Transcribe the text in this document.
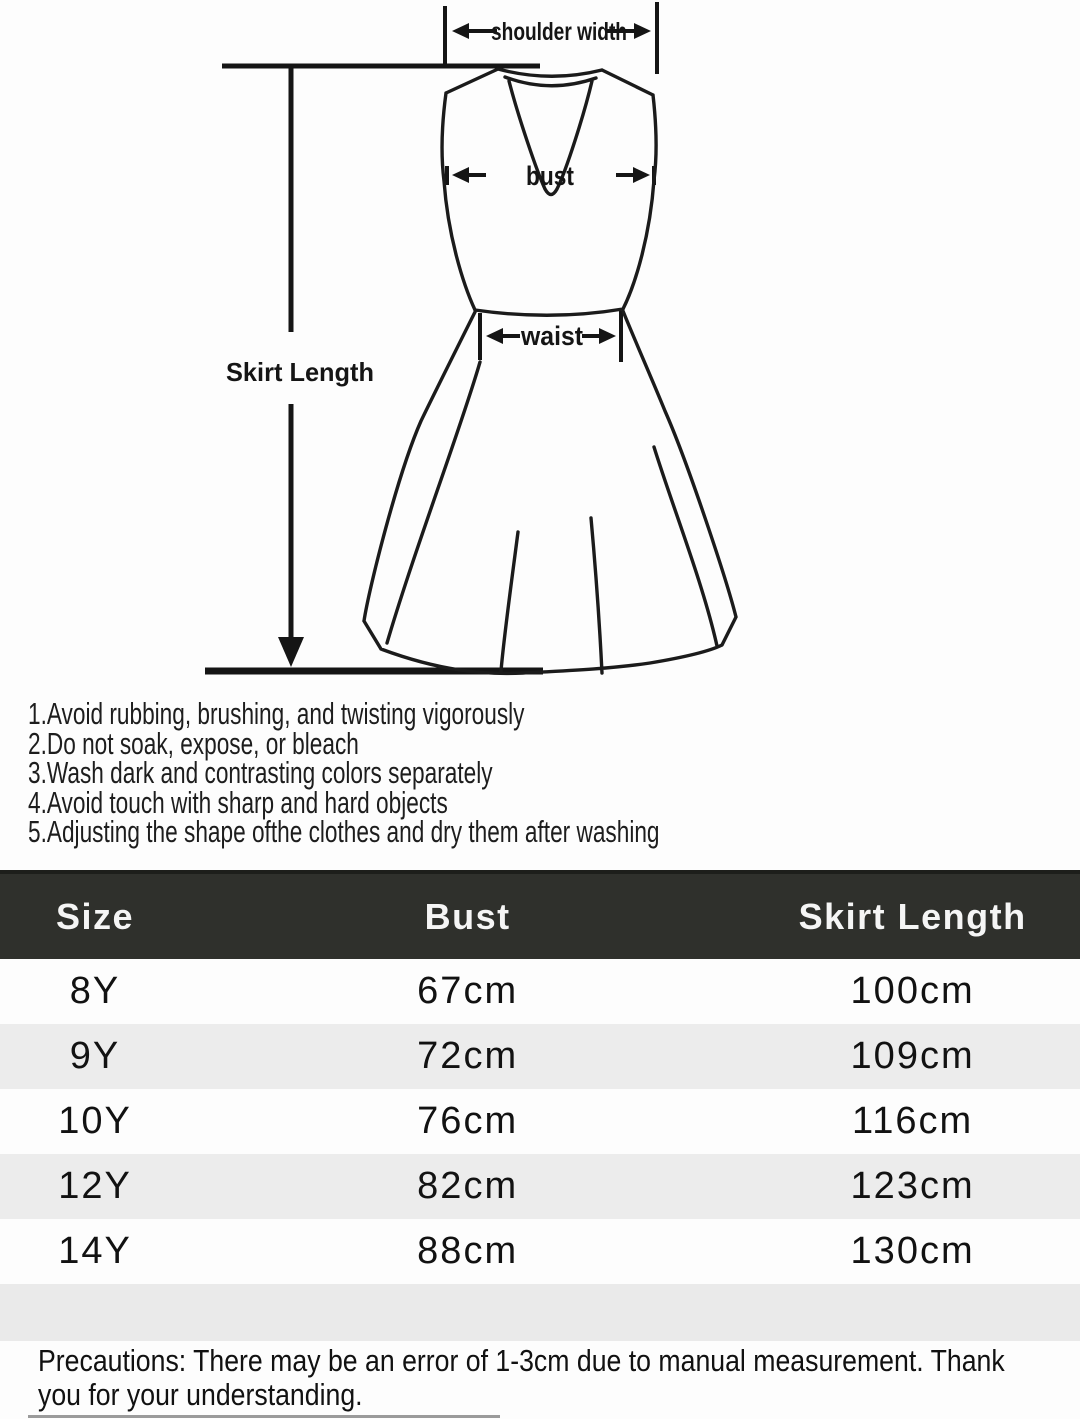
shoulder width
bust
waist
Skirt Length
1.Avoid rubbing, brushing, and twisting vigorously
2.Do not soak, expose, or bleach
3.Wash dark and contrasting colors separately
4.Avoid touch with sharp and hard objects
5.Adjusting the shape ofthe clothes and dry them after washing
Size	Bust	Skirt Length
8Y	67cm	100cm
9Y	72cm	109cm
10Y	76cm	116cm
12Y	82cm	123cm
14Y	88cm	130cm
Precautions: There may be an error of 1-3cm due to manual measurement. Thank you for your understanding.
